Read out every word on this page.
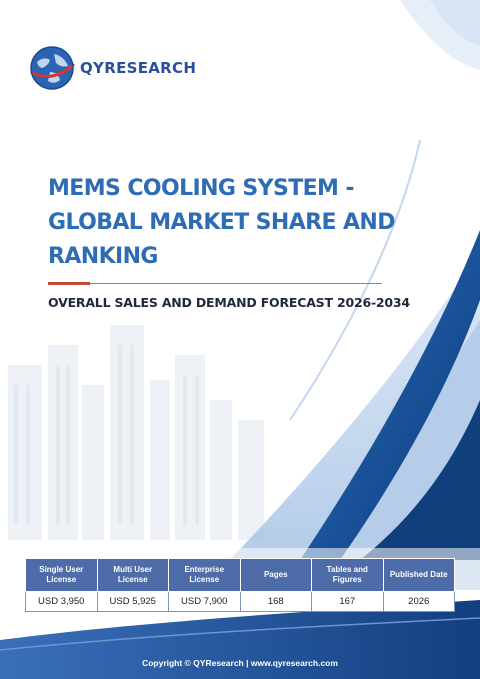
QYRESEARCH
MEMS COOLING SYSTEM - GLOBAL MARKET SHARE AND RANKING
OVERALL SALES AND DEMAND FORECAST 2026-2034
Single User License	Multi User License	Enterprise License	Pages	Tables and Figures	Published Date
USD 3,950	USD 5,925	USD 7,900	168	167	2026
Copyright © QYResearch | www.qyresearch.com
